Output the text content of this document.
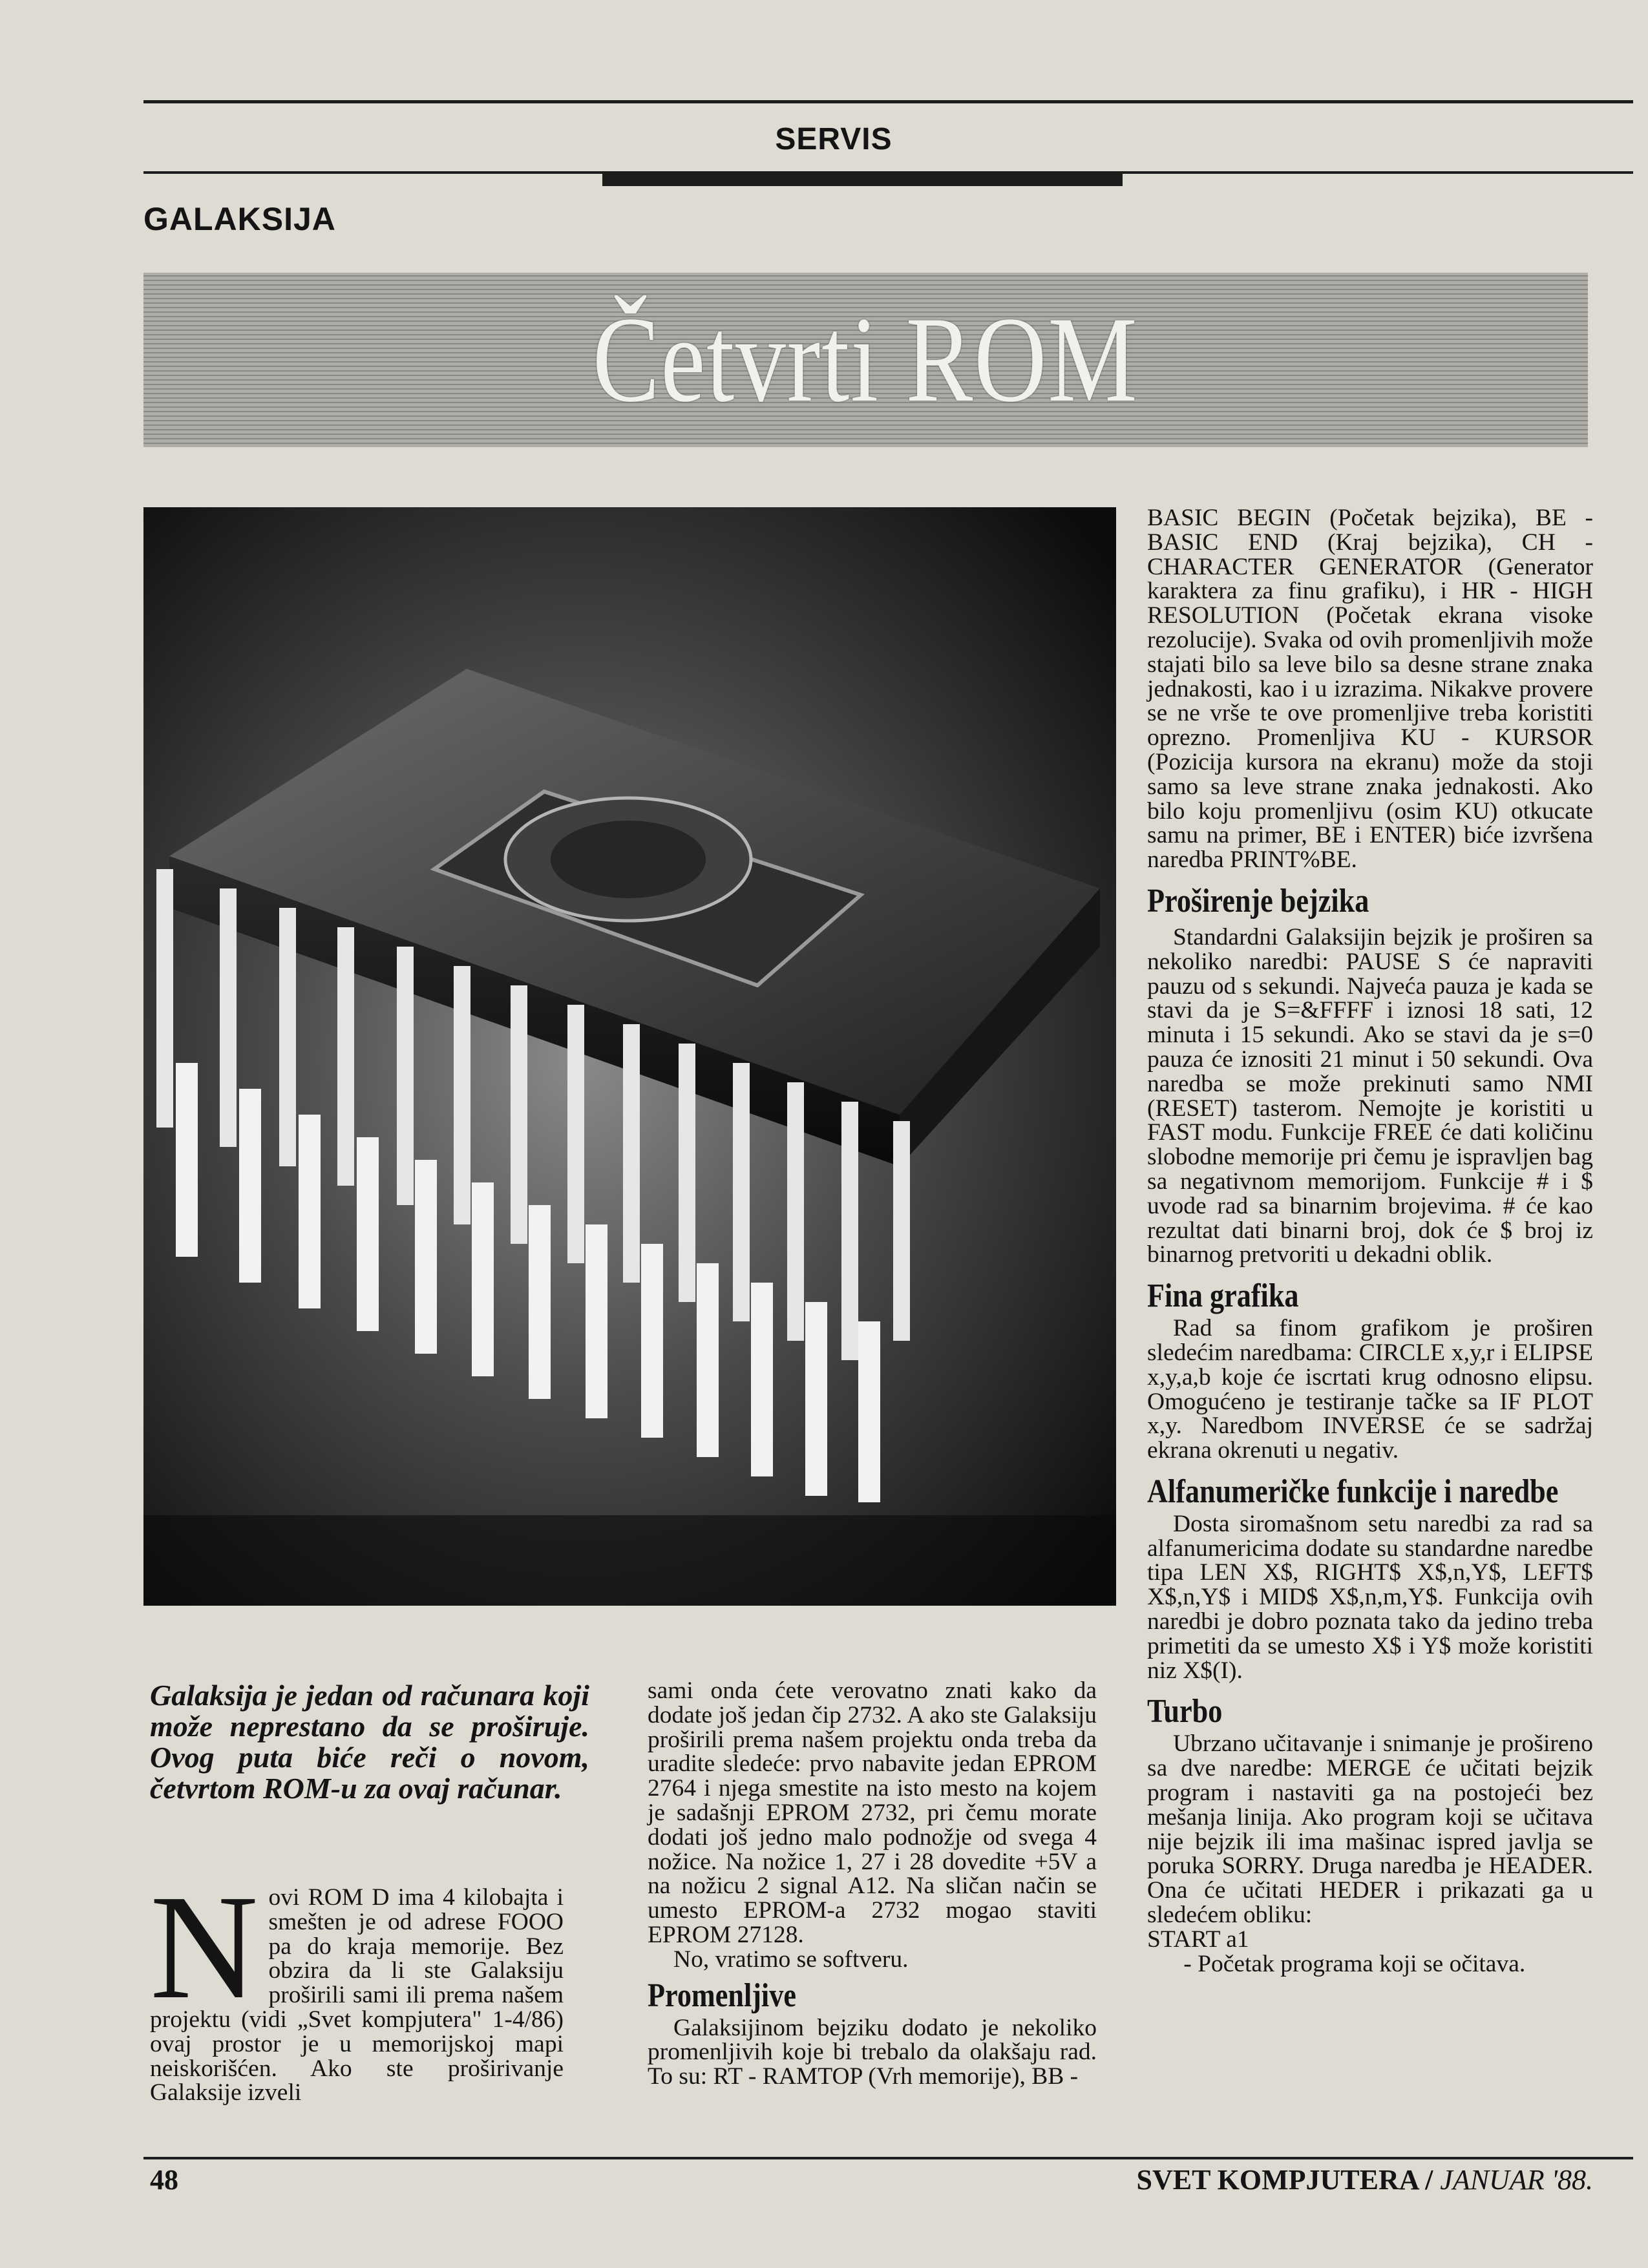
SERVIS
GALAKSIJA
Četvrti ROM
Galaksija je jedan od računara koji može neprestano da se proširuje. Ovog puta biće reči o novom, četvrtom ROM-u za ovaj računar.
N ovi ROM D ima 4 kilobajta i smešten je od adrese FOOO pa do kraja memorije. Bez obzira da li ste Galaksiju proširili sami ili prema našem projektu (vidi „Svet kompjutera" 1-4/86) ovaj prostor je u memorijskoj mapi neiskorišćen. Ako ste proširivanje Galaksije izveli

sami onda ćete verovatno znati kako da dodate još jedan čip 2732. A ako ste Galaksiju proširili prema našem projektu onda treba da uradite sledeće: prvo nabavite jedan EPROM 2764 i njega smestite na isto mesto na kojem je sadašnji EPROM 2732, pri čemu morate dodati još jedno malo podnožje od svega 4 nožice. Na nožice 1, 27 i 28 dovedite +5V a na nožicu 2 signal A12. Na sličan način se umesto EPROM-a 2732 mogao staviti EPROM 27128.

No, vratimo se softveru.

Promenljive

Galaksijinom bejziku dodato je nekoliko promenljivih koje bi trebalo da olakšaju rad. To su: RT - RAMTOP (Vrh memorije), BB -

BASIC BEGIN (Početak bejzika), BE - BASIC END (Kraj bejzika), CH - CHARACTER GENERATOR (Generator karaktera za finu grafiku), i HR - HIGH RESOLUTION (Početak ekrana visoke rezolucije). Svaka od ovih promenljivih može stajati bilo sa leve bilo sa desne strane znaka jednakosti, kao i u izrazima. Nikakve provere se ne vrše te ove promenljive treba koristiti oprezno. Promenljiva KU - KURSOR (Pozicija kursora na ekranu) može da stoji samo sa leve strane znaka jednakosti. Ako bilo koju promenljivu (osim KU) otkucate samu na primer, BE i ENTER) biće izvršena naredba PRINT%BE.

Proširenje bejzika

Standardni Galaksijin bejzik je proširen sa nekoliko naredbi: PAUSE S će napraviti pauzu od s sekundi. Najveća pauza je kada se stavi da je S=&FFFF i iznosi 18 sati, 12 minuta i 15 sekundi. Ako se stavi da je s=0 pauza će iznositi 21 minut i 50 sekundi. Ova naredba se može prekinuti samo NMI (RESET) tasterom. Nemojte je koristiti u FAST modu. Funkcije FREE će dati količinu slobodne memorije pri čemu je ispravljen bag sa negativnom memorijom. Funkcije # i $ uvode rad sa binarnim brojevima. # će kao rezultat dati binarni broj, dok će $ broj iz binarnog pretvoriti u dekadni oblik.

Fina grafika

Rad sa finom grafikom je proširen sledećim naredbama: CIRCLE x,y,r i ELIPSE x,y,a,b koje će iscrtati krug odnosno elipsu. Omogućeno je testiranje tačke sa IF PLOT x,y. Naredbom INVERSE će se sadržaj ekrana okrenuti u negativ.

Alfanumeričke funkcije i naredbe

Dosta siromašnom setu naredbi za rad sa alfanumericima dodate su standardne naredbe tipa LEN X$, RIGHT$ X$,n,Y$, LEFT$ X$,n,Y$ i MID$ X$,n,m,Y$. Funkcija ovih naredbi je dobro poznata tako da jedino treba primetiti da se umesto X$ i Y$ može koristiti niz X$(I).

Turbo

Ubrzano učitavanje i snimanje je prošireno sa dve naredbe: MERGE će učitati bejzik program i nastaviti ga na postojeći bez mešanja linija. Ako program koji se učitava nije bejzik ili ima mašinac ispred javlja se poruka SORRY. Druga naredba je HEADER. Ona će učitati HEDER i prikazati ga u sledećem obliku:

START a1

- Početak programa koji se očitava.

48	SVET KOMPJUTERA / JANUAR '88.
